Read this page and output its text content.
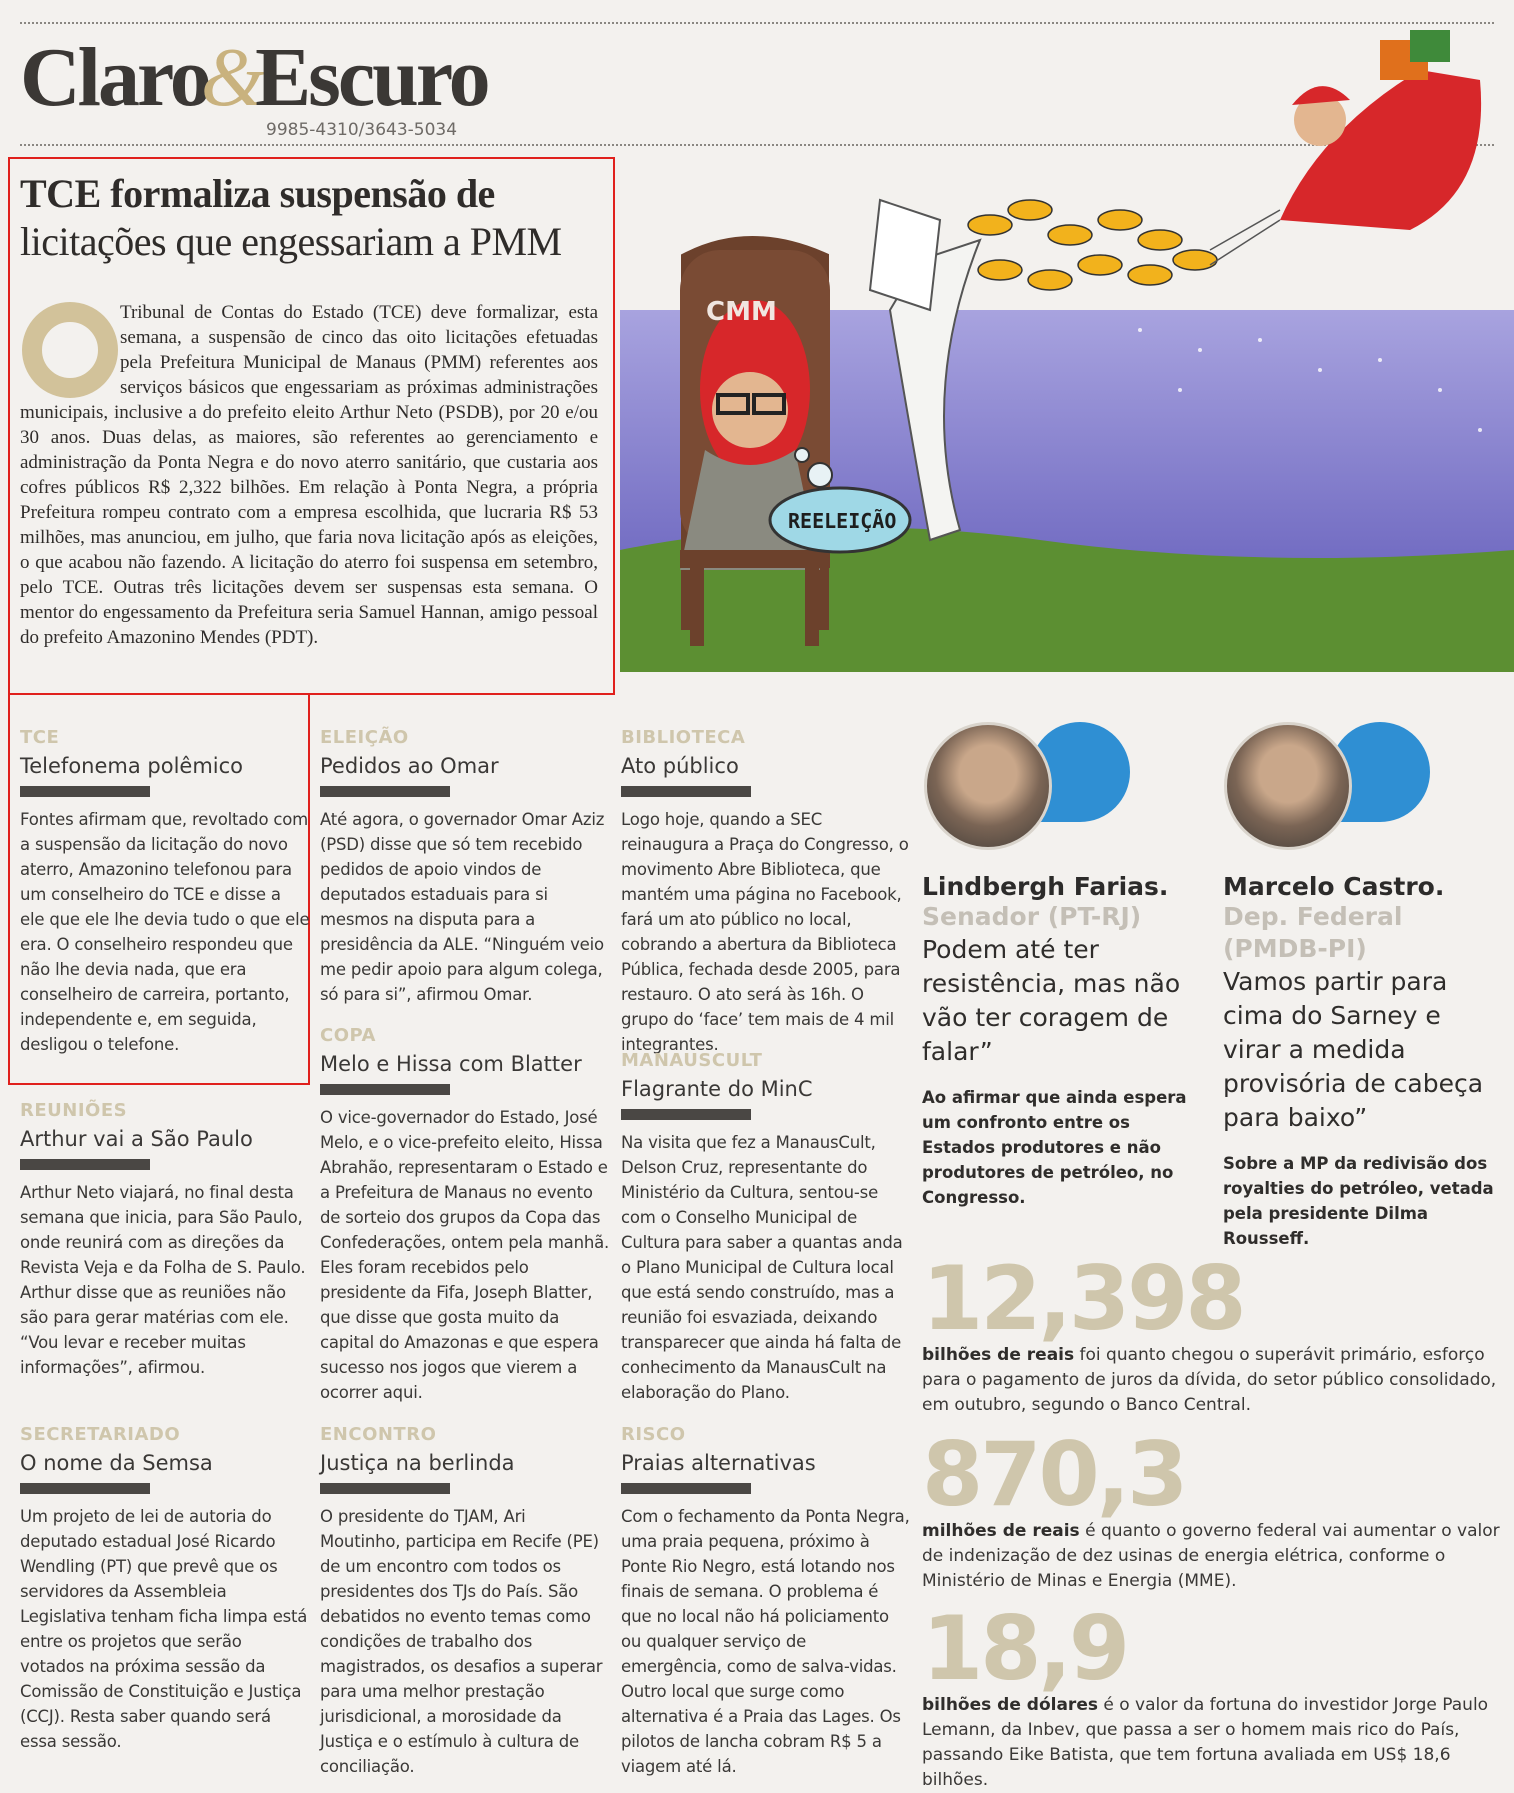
Claro&Escuro
9985-4310/3643-5034
TCE formaliza suspensão de
licitações que engessariam a PMM
Tribunal de Contas do Estado (TCE) deve formalizar, esta semana, a suspensão de cinco das oito licitações efetuadas pela Prefeitura Municipal de Manaus (PMM) referentes aos serviços básicos que engessariam as próximas administrações municipais, inclusive a do prefeito eleito Arthur Neto (PSDB), por 20 e/ou 30 anos. Duas delas, as maiores, são referentes ao gerenciamento e administração da Ponta Negra e do novo aterro sanitário, que custaria aos cofres públicos R$ 2,322 bilhões. Em relação à Ponta Negra, a própria Prefeitura rompeu contrato com a empresa escolhida, que lucraria R$ 53 milhões, mas anunciou, em julho, que faria nova licitação após as eleições, o que acabou não fazendo. A licitação do aterro foi suspensa em setembro, pelo TCE. Outras três licitações devem ser suspensas esta semana. O mentor do engessamento da Prefeitura seria Samuel Hannan, amigo pessoal do prefeito Amazonino Mendes (PDT).
CMM
REELEIÇÃO
TCE
Telefonema polêmico
Fontes afirmam que, revoltado com a suspensão da licitação do novo aterro, Amazonino telefonou para um conselheiro do TCE e disse a ele que ele lhe devia tudo o que ele era. O conselheiro respondeu que não lhe devia nada, que era conselheiro de carreira, portanto, independente e, em seguida, desligou o telefone.
REUNIÕES
Arthur vai a São Paulo
Arthur Neto viajará, no final desta semana que inicia, para São Paulo, onde reunirá com as direções da Revista Veja e da Folha de S. Paulo. Arthur disse que as reuniões não são para gerar matérias com ele. “Vou levar e receber muitas informações”, afirmou.
SECRETARIADO
O nome da Semsa
Um projeto de lei de autoria do deputado estadual José Ricardo Wendling (PT) que prevê que os servidores da Assembleia Legislativa tenham ficha limpa está entre os projetos que serão votados na próxima sessão da Comissão de Constituição e Justiça (CCJ). Resta saber quando será essa sessão.
ELEIÇÃO
Pedidos ao Omar
Até agora, o governador Omar Aziz (PSD) disse que só tem recebido pedidos de apoio vindos de deputados estaduais para si mesmos na disputa para a presidência da ALE. “Ninguém veio me pedir apoio para algum colega, só para si”, afirmou Omar.
COPA
Melo e Hissa com Blatter
O vice-governador do Estado, José Melo, e o vice-prefeito eleito, Hissa Abrahão, representaram o Estado e a Prefeitura de Manaus no evento de sorteio dos grupos da Copa das Confederações, ontem pela manhã. Eles foram recebidos pelo presidente da Fifa, Joseph Blatter, que disse que gosta muito da capital do Amazonas e que espera sucesso nos jogos que vierem a ocorrer aqui.
ENCONTRO
Justiça na berlinda
O presidente do TJAM, Ari Moutinho, participa em Recife (PE) de um encontro com todos os presidentes dos TJs do País. São debatidos no evento temas como condições de trabalho dos magistrados, os desafios a superar para uma melhor prestação jurisdicional, a morosidade da Justiça e o estímulo à cultura de conciliação.
BIBLIOTECA
Ato público
Logo hoje, quando a SEC reinaugura a Praça do Congresso, o movimento Abre Biblioteca, que mantém uma página no Facebook, fará um ato público no local, cobrando a abertura da Biblioteca Pública, fechada desde 2005, para restauro. O ato será às 16h. O grupo do ‘face’ tem mais de 4 mil integrantes.
MANAUSCULT
Flagrante do MinC
Na visita que fez a ManausCult, Delson Cruz, representante do Ministério da Cultura, sentou-se com o Conselho Municipal de Cultura para saber a quantas anda o Plano Municipal de Cultura local que está sendo construído, mas a reunião foi esvaziada, deixando transparecer que ainda há falta de conhecimento da ManausCult na elaboração do Plano.
RISCO
Praias alternativas
Com o fechamento da Ponta Negra, uma praia pequena, próximo à Ponte Rio Negro, está lotando nos finais de semana. O problema é que no local não há policiamento ou qualquer serviço de emergência, como de salva-vidas. Outro local que surge como alternativa é a Praia das Lages. Os pilotos de lancha cobram R$ 5 a viagem até lá.
Lindbergh Farias.
Senador (PT-RJ)
Podem até ter resistência, mas não vão ter coragem de falar”
Ao afirmar que ainda espera um confronto entre os Estados produtores e não produtores de petróleo, no Congresso.
Marcelo Castro.
Dep. Federal (PMDB-PI)
Vamos partir para cima do Sarney e virar a medida provisória de cabeça para baixo”
Sobre a MP da redivisão dos royalties do petróleo, vetada pela presidente Dilma Rousseff.
12,398
bilhões de reais foi quanto chegou o superávit primário, esforço para o pagamento de juros da dívida, do setor público consolidado, em outubro, segundo o Banco Central.
870,3
milhões de reais é quanto o governo federal vai aumentar o valor de indenização de dez usinas de energia elétrica, conforme o Ministério de Minas e Energia (MME).
18,9
bilhões de dólares é o valor da fortuna do investidor Jorge Paulo Lemann, da Inbev, que passa a ser o homem mais rico do País, passando Eike Batista, que tem fortuna avaliada em US$ 18,6 bilhões.
